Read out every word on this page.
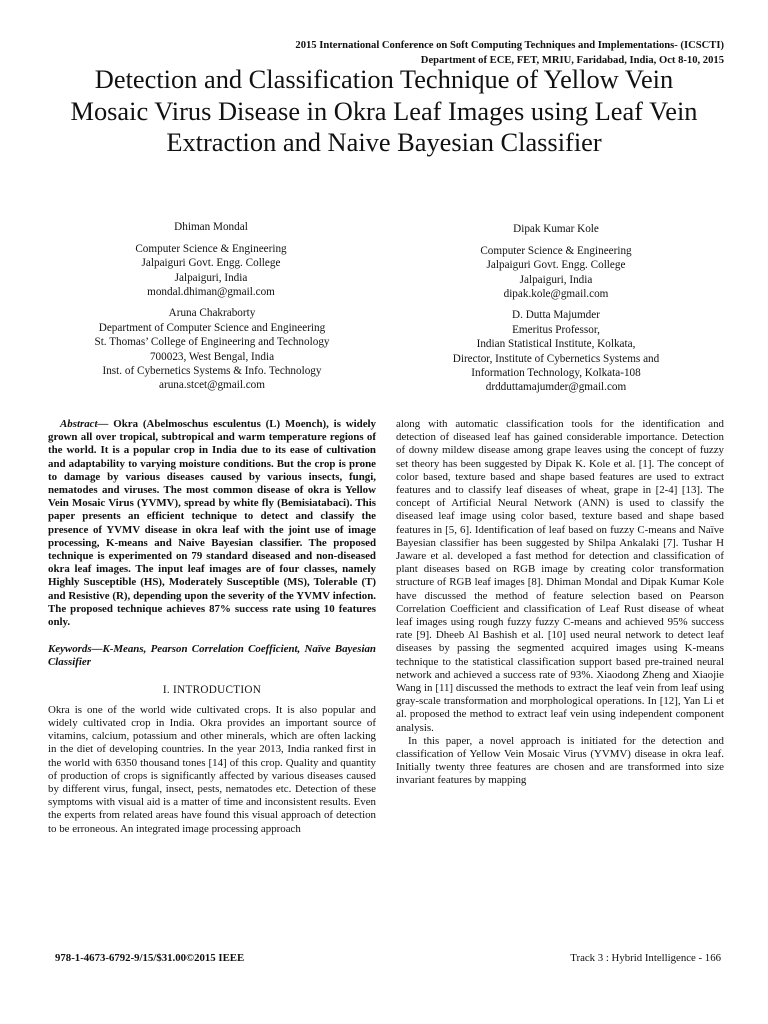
2015 International Conference on Soft Computing Techniques and Implementations- (ICSCTI)
Department of ECE, FET, MRIU, Faridabad, India, Oct 8-10, 2015
Detection and Classification Technique of Yellow Vein Mosaic Virus Disease in Okra Leaf Images using Leaf Vein Extraction and Naive Bayesian Classifier
Dhiman Mondal
Computer Science & Engineering
Jalpaiguri Govt. Engg. College
Jalpaiguri, India
mondal.dhiman@gmail.com
Dipak Kumar Kole
Computer Science & Engineering
Jalpaiguri Govt. Engg. College
Jalpaiguri, India
dipak.kole@gmail.com
Aruna Chakraborty
Department of Computer Science and Engineering
St. Thomas’ College of Engineering and Technology
700023, West Bengal, India
Inst. of Cybernetics Systems & Info. Technology
aruna.stcet@gmail.com
D. Dutta Majumder
Emeritus Professor,
Indian Statistical Institute, Kolkata,
Director, Institute of Cybernetics Systems and
Information Technology, Kolkata-108
drdduttamajumder@gmail.com

Abstract— Okra (Abelmoschus esculentus (L) Moench), is widely grown all over tropical, subtropical and warm temperature regions of the world. It is a popular crop in India due to its ease of cultivation and adaptability to varying moisture conditions. But the crop is prone to damage by various diseases caused by various insects, fungi, nematodes and viruses. The most common disease of okra is Yellow Vein Mosaic Virus (YVMV), spread by white fly (Bemisiatabaci). This paper presents an efficient technique to detect and classify the presence of YVMV disease in okra leaf with the joint use of image processing, K-means and Naive Bayesian classifier. The proposed technique is experimented on 79 standard diseased and non-diseased okra leaf images. The input leaf images are of four classes, namely Highly Susceptible (HS), Moderately Susceptible (MS), Tolerable (T) and Resistive (R), depending upon the severity of the YVMV infection. The proposed technique achieves 87% success rate using 10 features only.

Keywords—K-Means, Pearson Correlation Coefficient, Naïve Bayesian Classifier

I. INTRODUCTION

Okra is one of the world wide cultivated crops. It is also popular and widely cultivated crop in India. Okra provides an important source of vitamins, calcium, potassium and other minerals, which are often lacking in the diet of developing countries. In the year 2013, India ranked first in the world with 6350 thousand tones [14] of this crop. Quality and quantity of production of crops is significantly affected by various diseases caused by different virus, fungal, insect, pests, nematodes etc. Detection of these symptoms with visual aid is a matter of time and inconsistent results. Even the experts from related areas have found this visual approach of detection to be erroneous. An integrated image processing approach

along with automatic classification tools for the identification and detection of diseased leaf has gained considerable importance. Detection of downy mildew disease among grape leaves using the concept of fuzzy set theory has been suggested by Dipak K. Kole et al. [1]. The concept of color based, texture based and shape based features are used to extract features and to classify leaf diseases of wheat, grape in [2-4] [13]. The concept of Artificial Neural Network (ANN) is used to classify the diseased leaf image using color based, texture based and shape based features in [5, 6]. Identification of leaf based on fuzzy C-means and Naïve Bayesian classifier has been suggested by Shilpa Ankalaki [7]. Tushar H Jaware et al. developed a fast method for detection and classification of plant diseases based on RGB image by creating color transformation structure of RGB leaf images [8]. Dhiman Mondal and Dipak Kumar Kole have discussed the method of feature selection based on Pearson Correlation Coefficient and classification of Leaf Rust disease of wheat leaf images using rough fuzzy fuzzy C-means and achieved 95% success rate [9]. Dheeb Al Bashish et al. [10] used neural network to detect leaf diseases by passing the segmented acquired images using K-means technique to the statistical classification support based pre-trained neural network and achieved a success rate of 93%. Xiaodong Zheng and Xiaojie Wang in [11] discussed the methods to extract the leaf vein from leaf using gray-scale transformation and morphological operations. In [12], Yan Li et al. proposed the method to extract leaf vein using independent component analysis.

In this paper, a novel approach is initiated for the detection and classification of Yellow Vein Mosaic Virus (YVMV) disease in okra leaf. Initially twenty three features are chosen and are transformed into size invariant features by mapping

978-1-4673-6792-9/15/$31.00©2015 IEEE	Track 3 : Hybrid Intelligence - 166
